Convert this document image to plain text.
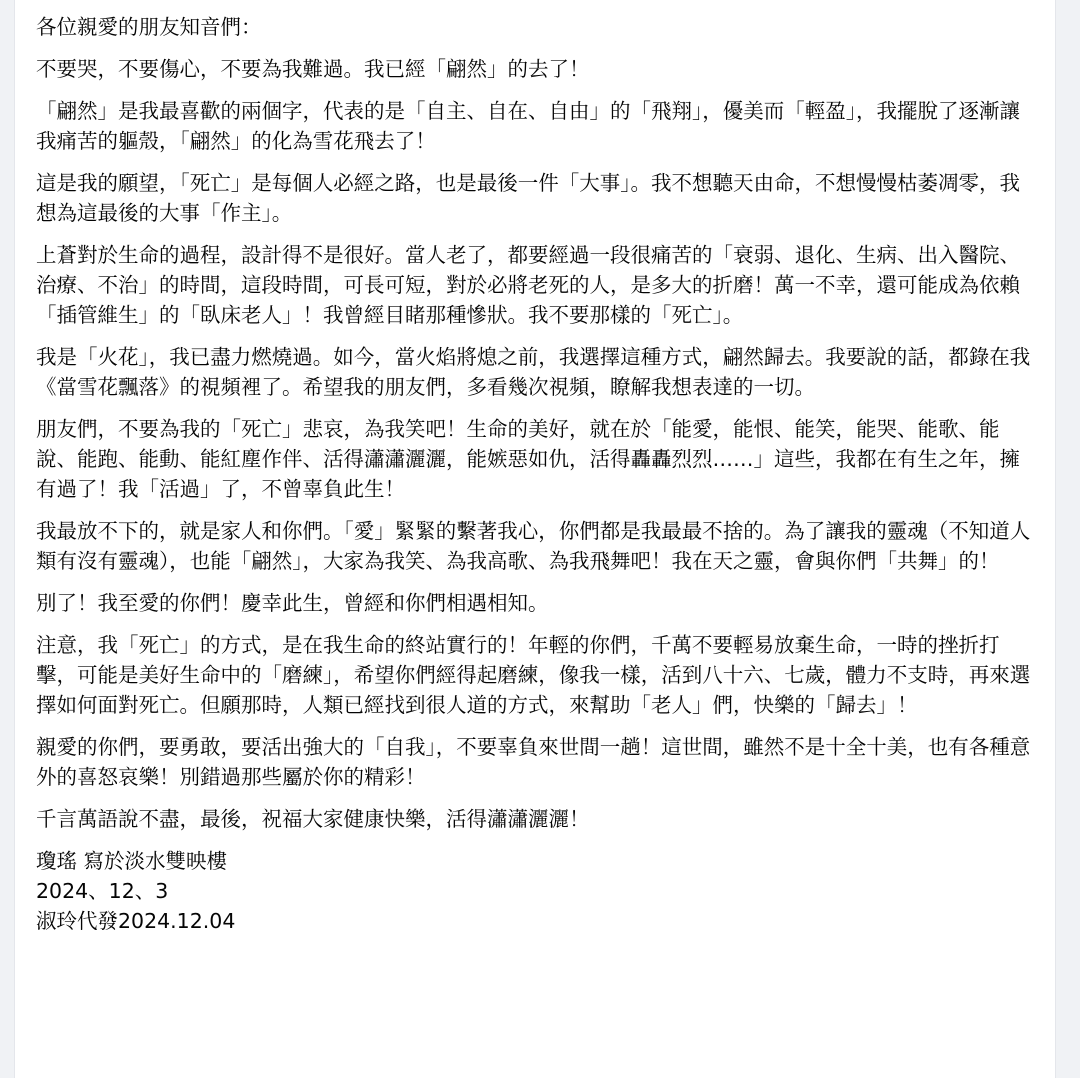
各位親愛的朋友知音們：

不要哭，不要傷心，不要為我難過。我已經「翩然」的去了！

「翩然」是我最喜歡的兩個字，代表的是「自主、自在、自由」的「飛翔」，優美而「輕盈」，我擺脫了逐漸讓我痛苦的軀殼，「翩然」的化為雪花飛去了！

這是我的願望，「死亡」是每個人必經之路，也是最後一件「大事」。我不想聽天由命，不想慢慢枯萎凋零，我想為這最後的大事「作主」。

上蒼對於生命的過程，設計得不是很好。當人老了，都要經過一段很痛苦的「衰弱、退化、生病、出入醫院、治療、不治」的時間，這段時間，可長可短，對於必將老死的人，是多大的折磨！萬一不幸，還可能成為依賴「插管維生」的「臥床老人」！我曾經目睹那種慘狀。我不要那樣的「死亡」。

我是「火花」，我已盡力燃燒過。如今，當火焰將熄之前，我選擇這種方式，翩然歸去。我要說的話，都錄在我《當雪花飄落》的視頻裡了。希望我的朋友們，多看幾次視頻，瞭解我想表達的一切。

朋友們，不要為我的「死亡」悲哀，為我笑吧！生命的美好，就在於「能愛，能恨、能笑，能哭、能歌、能說、能跑、能動、能紅塵作伴、活得瀟瀟灑灑，能嫉惡如仇，活得轟轟烈烈……」這些，我都在有生之年，擁有過了！我「活過」了，不曾辜負此生！

我最放不下的，就是家人和你們。「愛」緊緊的繫著我心，你們都是我最最不捨的。為了讓我的靈魂（不知道人類有沒有靈魂），也能「翩然」，大家為我笑、為我高歌、為我飛舞吧！我在天之靈，會與你們「共舞」的！

別了！我至愛的你們！慶幸此生，曾經和你們相遇相知。

注意，我「死亡」的方式，是在我生命的終站實行的！年輕的你們，千萬不要輕易放棄生命，一時的挫折打擊，可能是美好生命中的「磨練」，希望你們經得起磨練，像我一樣，活到八十六、七歲，體力不支時，再來選擇如何面對死亡。但願那時，人類已經找到很人道的方式，來幫助「老人」們，快樂的「歸去」！

親愛的你們，要勇敢，要活出強大的「自我」，不要辜負來世間一趟！這世間，雖然不是十全十美，也有各種意外的喜怒哀樂！別錯過那些屬於你的精彩！

千言萬語說不盡，最後，祝福大家健康快樂，活得瀟瀟灑灑！

瓊瑤 寫於淡水雙映樓

2024、12、3

淑玲代發2024.12.04
